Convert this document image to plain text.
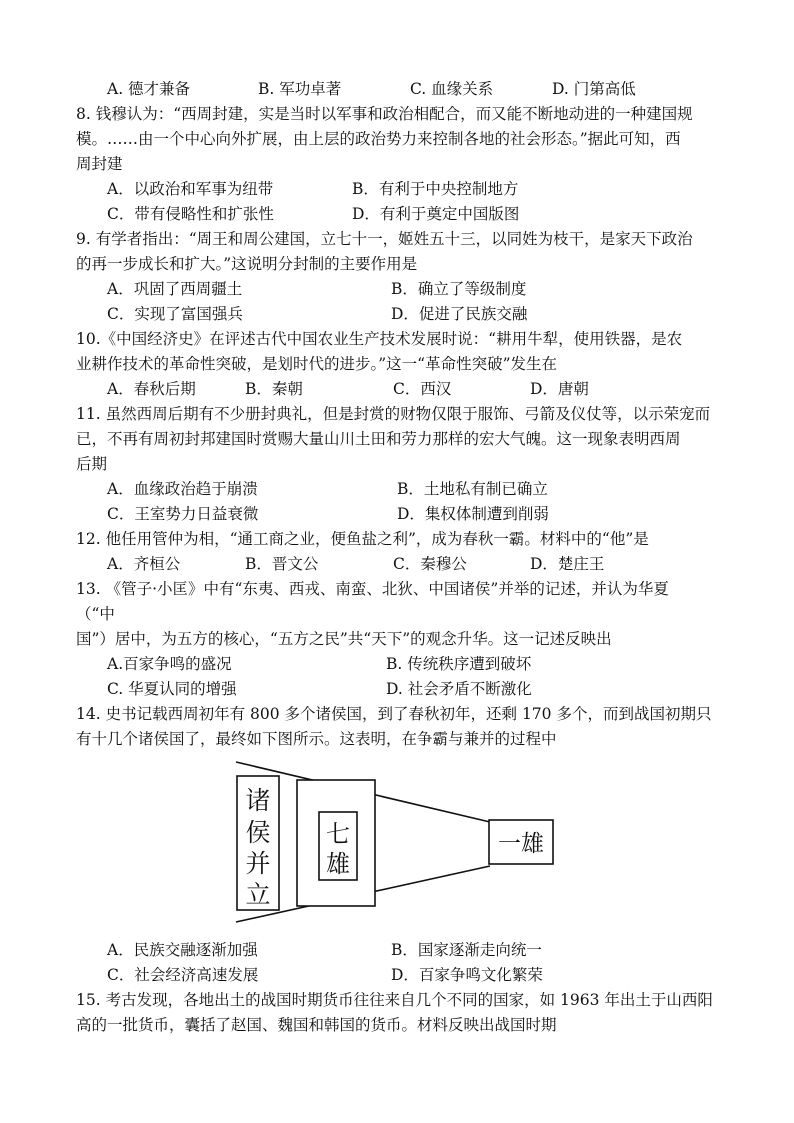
A. 德才兼备	B. 军功卓著	C. 血缘关系	D. 门第高低
8. 钱穆认为：“西周封建，实是当时以军事和政治相配合，而又能不断地动进的一种建国规
模。……由一个中心向外扩展，由上层的政治势力来控制各地的社会形态。”据此可知，西
周封建
A．以政治和军事为纽带	B．有利于中央控制地方
C．带有侵略性和扩张性	D．有利于奠定中国版图
9. 有学者指出：“周王和周公建国，立七十一，姬姓五十三，以同姓为枝干，是家天下政治
的再一步成长和扩大。”这说明分封制的主要作用是
A．巩固了西周疆土	B．确立了等级制度
C．实现了富国强兵	D．促进了民族交融
10.《中国经济史》在评述古代中国农业生产技术发展时说：“耕用牛犁，使用铁器，是农
业耕作技术的革命性突破，是划时代的进步。”这一“革命性突破”发生在
A．春秋后期	B．秦朝	C．西汉	D．唐朝
11. 虽然西周后期有不少册封典礼，但是封赏的财物仅限于服饰、弓箭及仪仗等，以示荣宠而
已，不再有周初封邦建国时赏赐大量山川土田和劳力那样的宏大气魄。这一现象表明西周
后期
A．血缘政治趋于崩溃	B．土地私有制已确立
C．王室势力日益衰微	D．集权体制遭到削弱
12. 他任用管仲为相，“通工商之业，便鱼盐之利”，成为春秋一霸。材料中的“他”是
A．齐桓公	B．晋文公	C．秦穆公	D．楚庄王
13. 《管子·小匡》中有“东夷、西戎、南蛮、北狄、中国诸侯”并举的记述，并认为华夏
（“中
国”）居中，为五方的核心，“五方之民”共“天下”的观念升华。这一记述反映出
A.百家争鸣的盛况	B. 传统秩序遭到破坏
C. 华夏认同的增强	D. 社会矛盾不断激化
14. 史书记载西周初年有 800 多个诸侯国，到了春秋初年，还剩 170 多个，而到战国初期只
有十几个诸侯国了，最终如下图所示。这表明，在争霸与兼并的过程中
诸
侯
并
立
七
雄
一雄
A．民族交融逐渐加强	B．国家逐渐走向统一
C．社会经济高速发展	D．百家争鸣文化繁荣
15. 考古发现，各地出土的战国时期货币往往来自几个不同的国家，如 1963 年出土于山西阳
高的一批货币，囊括了赵国、魏国和韩国的货币。材料反映出战国时期
